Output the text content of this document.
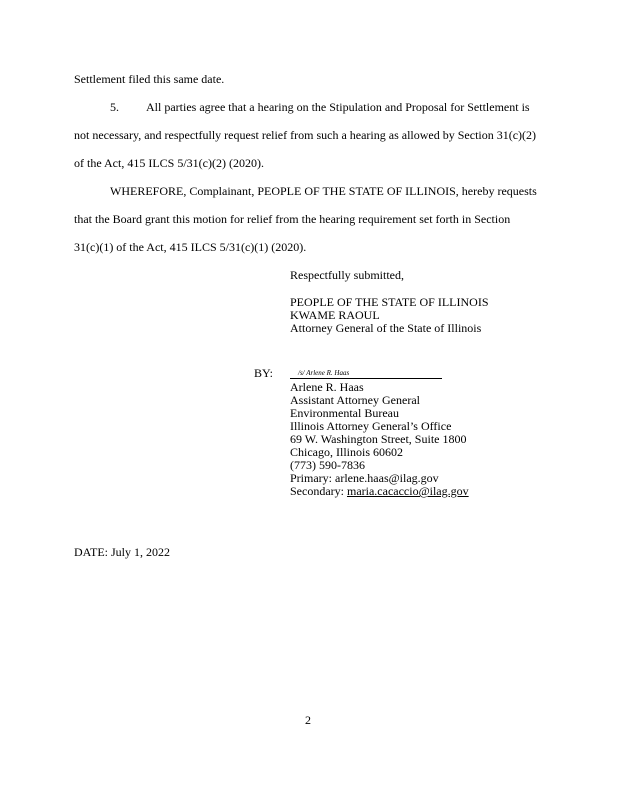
Settlement filed this same date.
5. All parties agree that a hearing on the Stipulation and Proposal for Settlement is
not necessary, and respectfully request relief from such a hearing as allowed by Section 31(c)(2)
of the Act, 415 ILCS 5/31(c)(2) (2020).
WHEREFORE, Complainant, PEOPLE OF THE STATE OF ILLINOIS, hereby requests
that the Board grant this motion for relief from the hearing requirement set forth in Section
31(c)(1) of the Act, 415 ILCS 5/31(c)(1) (2020).
Respectfully submitted,
PEOPLE OF THE STATE OF ILLINOIS
KWAME RAOUL
Attorney General of the State of Illinois
BY:	/s/ Arlene R. Haas
Arlene R. Haas
Assistant Attorney General
Environmental Bureau
Illinois Attorney General’s Office
69 W. Washington Street, Suite 1800
Chicago, Illinois 60602
(773) 590-7836
Primary: arlene.haas@ilag.gov
Secondary: maria.cacaccio@ilag.gov
DATE: July 1, 2022
2
